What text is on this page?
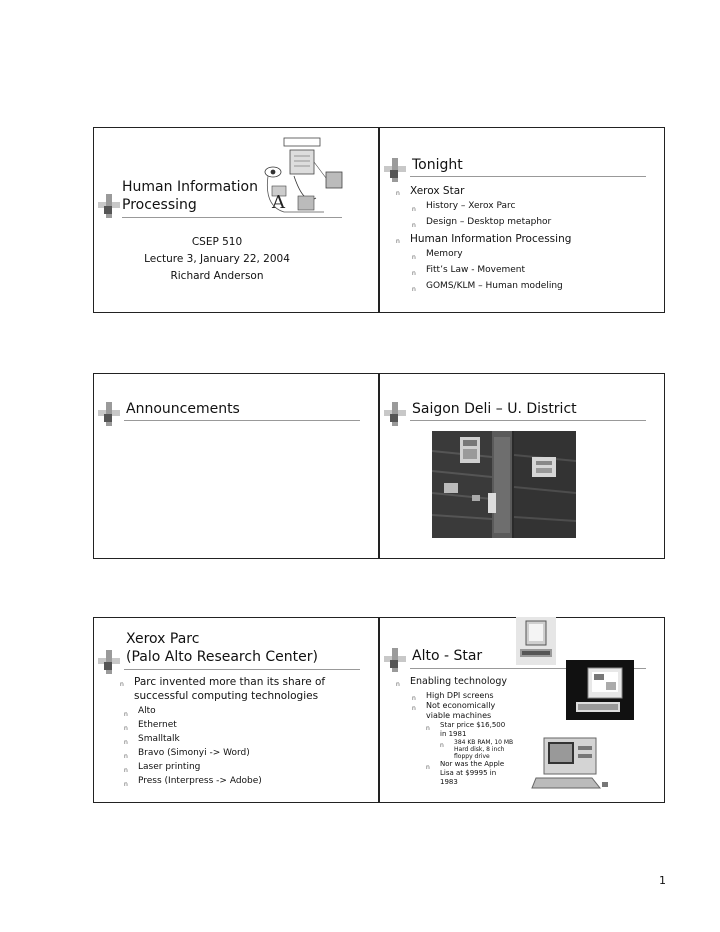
Human Information
Processing	A
CSEP 510
Lecture 3, January 22, 2004
Richard Anderson
Tonight
n Xerox Star
n History – Xerox Parc
n Design – Desktop metaphor
n Human Information Processing
n Memory
n Fitt’s Law - Movement
n GOMS/KLM – Human modeling
Announcements	Saigon Deli – U. District
Xerox Parc
(Palo Alto Research Center)
n Parc invented more than its share of
successful computing technologies
n Alto
n Ethernet
n Smalltalk
n Bravo (Simonyi -> Word)
n Laser printing
n Press (Interpress -> Adobe)
Alto - Star
n Enabling technology
n High DPI screens
n Not economically viable machines
n Star price $16,500 in 1981
n 384 KB RAM, 10 MB Hard disk, 8 inch floppy drive
n Nor was the Apple Lisa at $9995 in 1983
1
